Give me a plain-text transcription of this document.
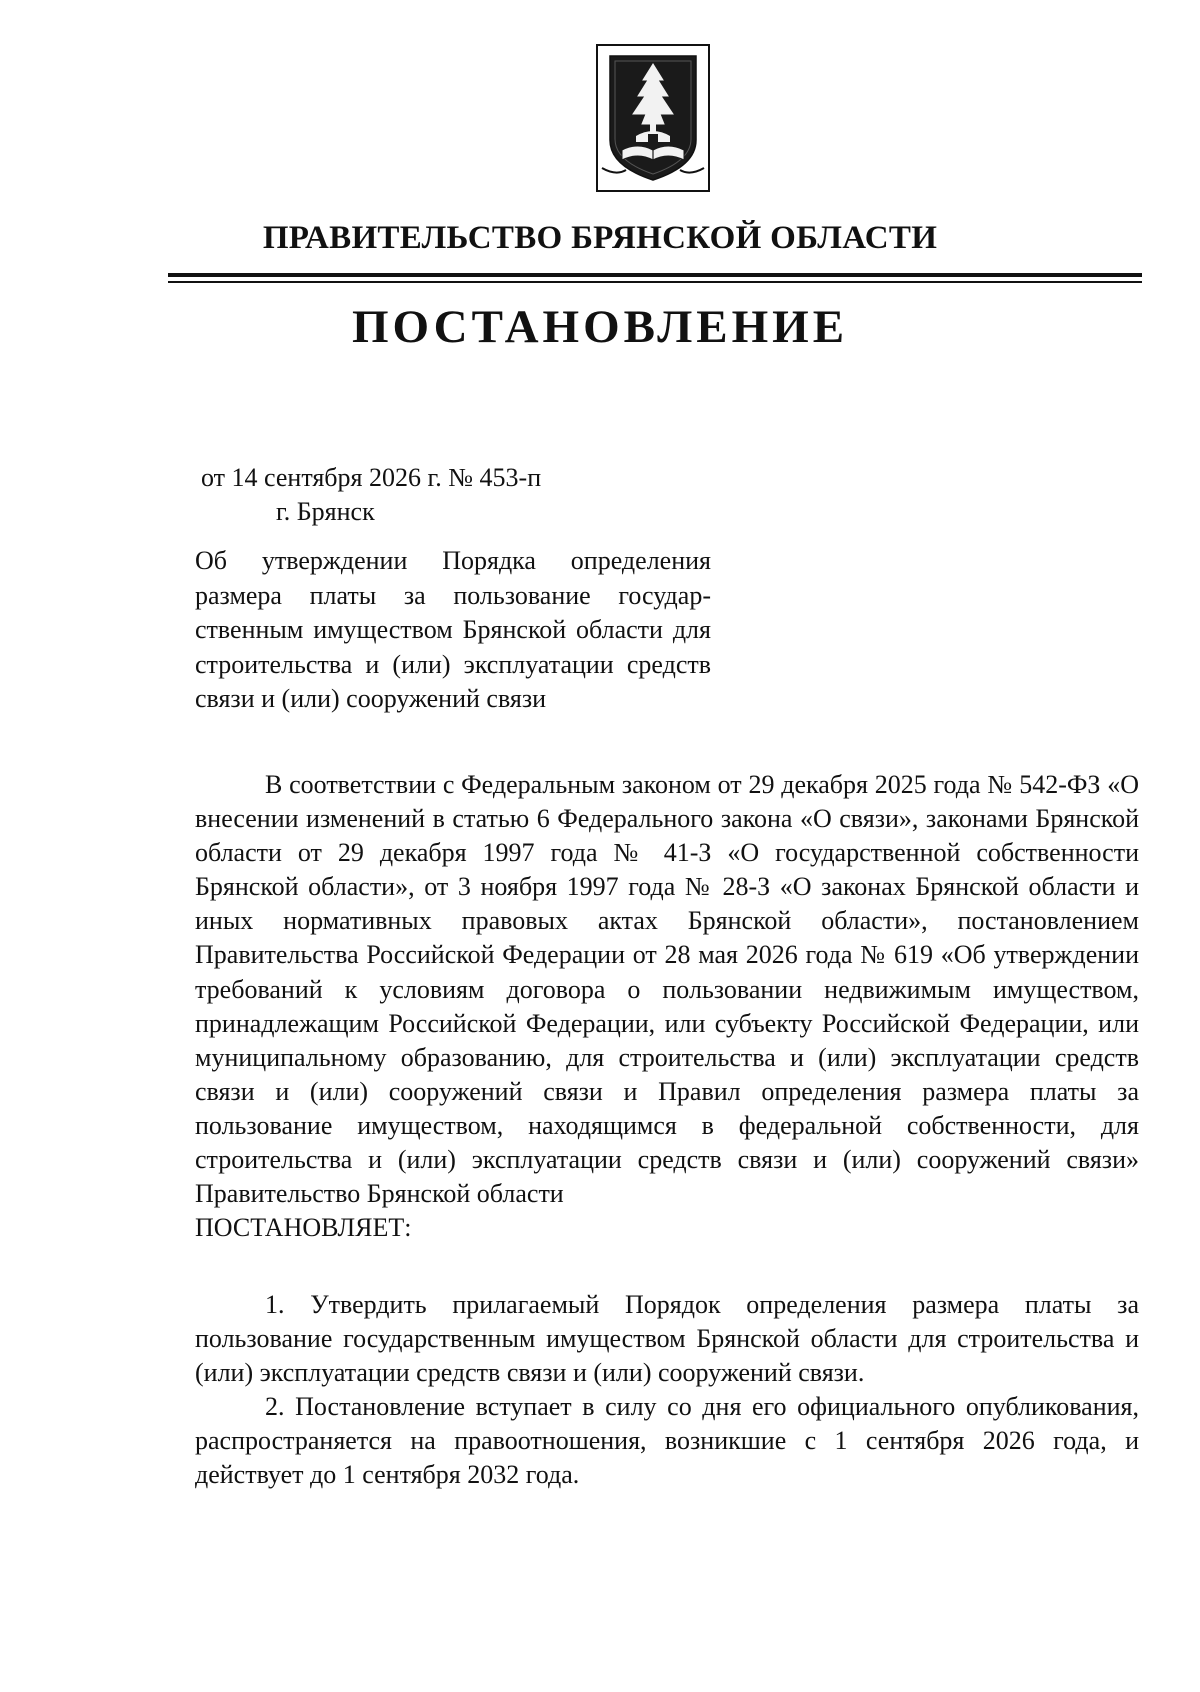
ПРАВИТЕЛЬСТВО БРЯНСКОЙ ОБЛАСТИ
ПОСТАНОВЛЕНИЕ
от 14 сентября 2026 г. № 453-п
г. Брянск

Об утверждении Порядка определения размера платы за пользование государственным имуществом Брянской области для строительства и (или) эксплуатации средств связи и (или) сооружений связи

В соответствии с Федеральным законом от 29 декабря 2025 года № 542-ФЗ «О внесении изменений в статью 6 Федерального закона «О связи», законами Брянской области от 29 декабря 1997 года № 41-З «О государственной собственности Брянской области», от 3 ноября 1997 года № 28-З «О законах Брянской области и иных нормативных правовых актах Брянской области», постановлением Правительства Российской Федерации от 28 мая 2026 года № 619 «Об утверждении требований к условиям договора о пользовании недвижимым имуществом, принадлежащим Российской Федерации, или субъекту Российской Федерации, или муниципальному образованию, для строительства и (или) эксплуатации средств связи и (или) сооружений связи и Правил определения размера платы за пользование имуществом, находящимся в федеральной собственности, для строительства и (или) эксплуатации средств связи и (или) сооружений связи» Правительство Брянской области

ПОСТАНОВЛЯЕТ:

1. Утвердить прилагаемый Порядок определения размера платы за пользование государственным имуществом Брянской области для строительства и (или) эксплуатации средств связи и (или) сооружений связи.

2. Постановление вступает в силу со дня его официального опубликования, распространяется на правоотношения, возникшие с 1 сентября 2026 года, и действует до 1 сентября 2032 года.
